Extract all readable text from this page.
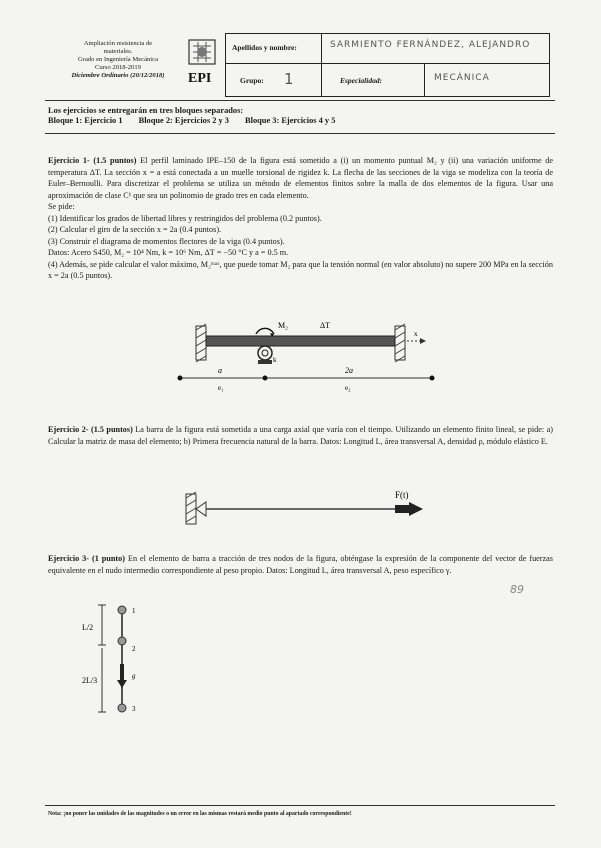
Ampliación resistencia de
materiales.
Grado en Ingeniería Mecánica
Curso 2018-2019
Diciembre Ordinario (20/12/2018)	EPI
Apellidos y nombre:	SARMIENTO FERNÁNDEZ, ALEJANDRO
Grupo: 1	Especialidad:	MECÁNICA
Los ejercicios se entregarán en tres bloques separados:
Bloque 1: Ejercicio 1 Bloque 2: Ejercicios 2 y 3 Bloque 3: Ejercicios 4 y 5
Ejercicio 1- (1.5 puntos) El perfil laminado IPE–150 de la figura está sometido a (i) un momento puntual M₂ y (ii) una variación uniforme de temperatura ΔT. La sección x = a está conectada a un muelle torsional de rigidez k. La flecha de las secciones de la viga se modeliza con la teoría de Euler–Bernoulli. Para discretizar el problema se utiliza un método de elementos finitos sobre la malla de dos elementos de la figura. Usar una aproximación de clase C¹ que sea un polinomio de grado tres en cada elemento.
Se pide:
(1) Identificar los grados de libertad libres y restringidos del problema (0.2 puntos).
(2) Calcular el giro de la sección x = 2a (0.4 puntos).
(3) Construir el diagrama de momentos flectores de la viga (0.4 puntos).
Datos: Acero S450, M₂ = 10⁴ Nm, k = 10⁶ Nm, ΔT = −50 °C y a = 0.5 m.
(4) Además, se pide calcular el valor máximo, M₂ᵐᵃˣ, que puede tomar M₂ para que la tensión normal (en valor absoluto) no supere 200 MPa en la sección x = 2a (0.5 puntos).
M₂	ΔT
k
x
a	2a
e₁	e₂
Ejercicio 2- (1.5 puntos) La barra de la figura está sometida a una carga axial que varía con el tiempo. Utilizando un elemento finito lineal, se pide: a) Calcular la matriz de masa del elemento; b) Primera frecuencia natural de la barra. Datos: Longitud L, área transversal A, densidad ρ, módulo elástico E.
F(t)
Ejercicio 3- (1 punto) En el elemento de barra a tracción de tres nodos de la figura, obténgase la expresión de la componente del vector de fuerzas equivalente en el nudo intermedio correspondiente al peso propio. Datos: Longitud L, área transversal A, peso específico γ.
89
L/2
2L/3
1
2
3
g
Nota: ¡no poner las unidades de las magnitudes o un error en las mismas restará medio punto al apartado correspondiente!
